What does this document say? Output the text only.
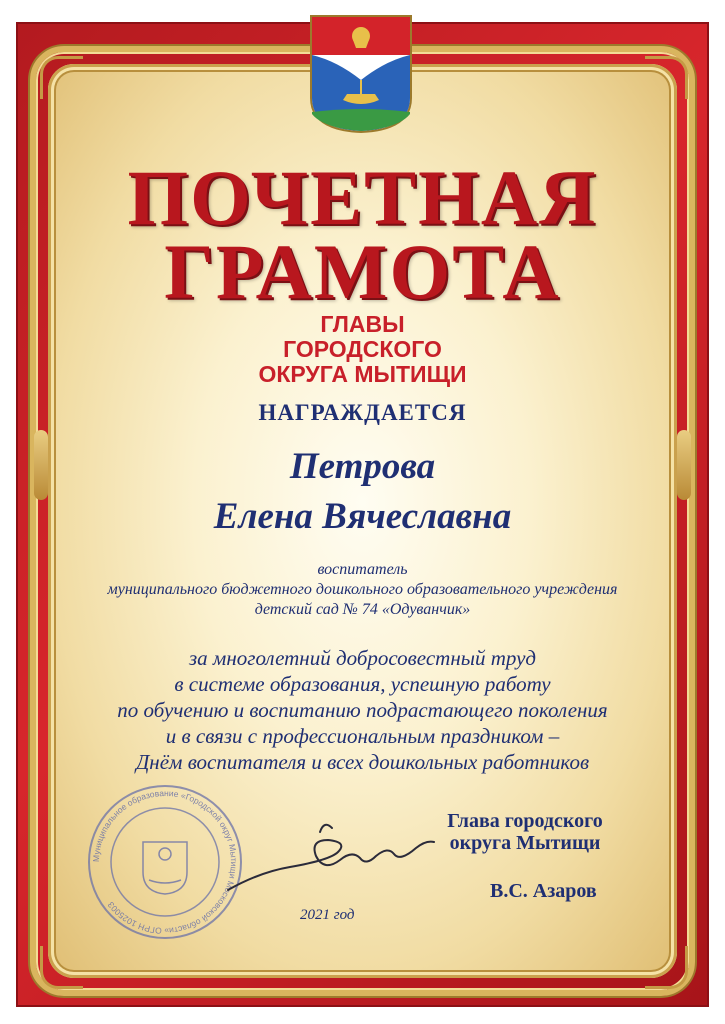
ПОЧЕТНАЯ
ГРАМОТА
ГЛАВЫ
ГОРОДСКОГО
ОКРУГА МЫТИЩИ
НАГРАЖДАЕТСЯ
Петрова
Елена Вячеславна
воспитатель
муниципального бюджетного дошкольного образовательного учреждения
детский сад № 74 «Одуванчик»
за многолетний добросовестный труд
в системе образования, успешную работу
по обучению и воспитанию подрастающего поколения
и в связи с профессиональным праздником –
Днём воспитателя и всех дошкольных работников
Муниципальное образование «Городской округ Мытищи Московской области» ОГРН 1025003
Глава городского
округа Мытищи
В.С. Азаров
2021 год
